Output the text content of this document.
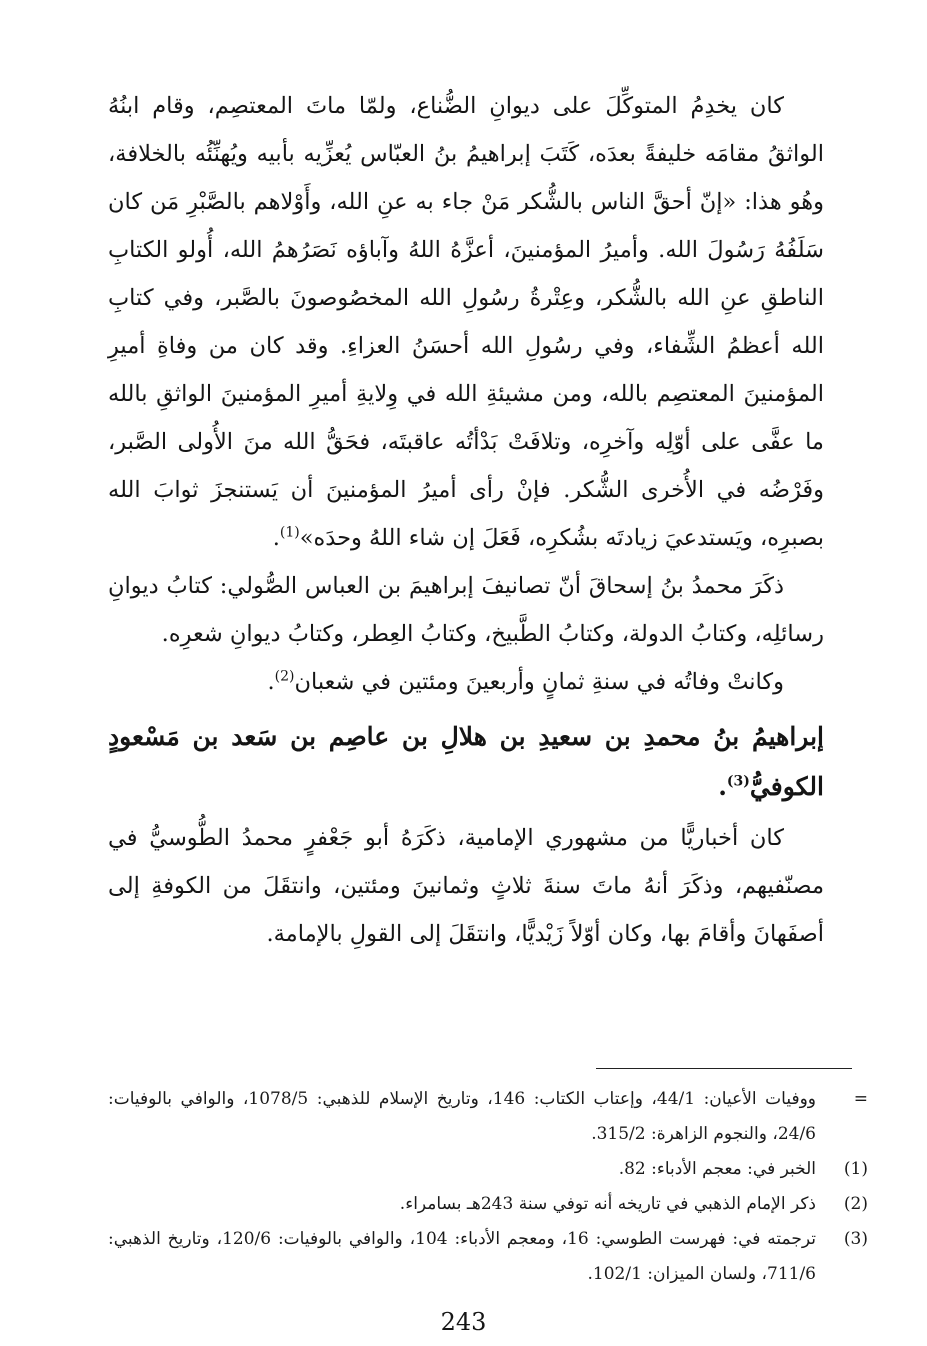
كان يخدِمُ المتوكِّلَ على ديوانِ الضُّناع، ولمّا ماتَ المعتصِم، وقام ابنُهُ الواثقُ مقامَه خليفةً بعدَه، كَتَبَ إبراهيمُ بنُ العبّاس يُعزِّيه بأبيه ويُهنِّئُه بالخلافة، وهُو هذا: «إنّ أحقَّ الناس بالشُّكر مَنْ جاء به عنِ الله، وأَوْلاهم بالصَّبْرِ مَن كان سَلَفُهُ رَسُولَ الله. وأميرُ المؤمنينَ، أعزَّهُ اللهُ وآباؤه نَصَرُهمُ الله، أُولو الكتابِ الناطقِ عنِ الله بالشُّكر، وعِتْرةُ رسُولِ الله المخصُوصونَ بالصَّبر، وفي كتابِ الله أعظمُ الشِّفاء، وفي رسُولِ الله أحسَنُ العزاءِ. وقد كان من وفاةِ أميرِ المؤمنينَ المعتصِم بالله، ومن مشيئةِ الله في وِلايةِ أميرِ المؤمنينَ الواثقِ بالله ما عفَّى على أوّلِه وآخرِه، وتلافَتْ بَدْأتُه عاقبتَه، فحَقُّ الله منَ الأُولى الصَّبر، وفَرْضُه في الأُخرى الشُّكر. فإنْ رأى أميرُ المؤمنينَ أن يَستنجزَ ثوابَ الله بصبرِه، ويَستدعيَ زيادتَه بشُكرِه، فَعَلَ إن شاء اللهُ وحدَه»$^{(1)}$.

ذكَرَ محمدُ بنُ إسحاقَ أنّ تصانيفَ إبراهيمَ بن العباس الصُّولي: كتابُ ديوانِ رسائلِه، وكتابُ الدولة، وكتابُ الطَّبيخ، وكتابُ العِطر، وكتابُ ديوانِ شعرِه.

وكانتْ وفاتُه في سنةِ ثمانٍ وأربعينَ ومئتين في شعبان$^{(2)}$.

إبراهيمُ بنُ محمدِ بن سعيدِ بن هلالِ بن عاصِم بن سَعد بن مَسْعودٍ الكوفيُّ$^{(3)}$.

كان أخباريًّا من مشهوري الإمامية، ذكَرَهُ أبو جَعْفرٍ محمدُ الطُّوسيُّ في مصنّفيهم، وذكَرَ أنهُ ماتَ سنةَ ثلاثٍ وثمانينَ ومئتين، وانتقَلَ من الكوفةِ إلى أصفَهانَ وأقامَ بها، وكان أوّلاً زَيْديًّا، وانتقَلَ إلى القولِ بالإمامة.

=
ووفيات الأعيان: 44/1، وإعتاب الكتاب: 146، وتاريخ الإسلام للذهبي: 1078/5، والوافي بالوفيات: 24/6، والنجوم الزاهرة: 315/2.
(1)
الخبر في: معجم الأدباء: 82.
(2)
ذكر الإمام الذهبي في تاريخه أنه توفي سنة 243هـ بسامراء.
(3)
ترجمته في: فهرست الطوسي: 16، ومعجم الأدباء: 104، والوافي بالوفيات: 120/6، وتاريخ الذهبي: 711/6، ولسان الميزان: 102/1.
243
